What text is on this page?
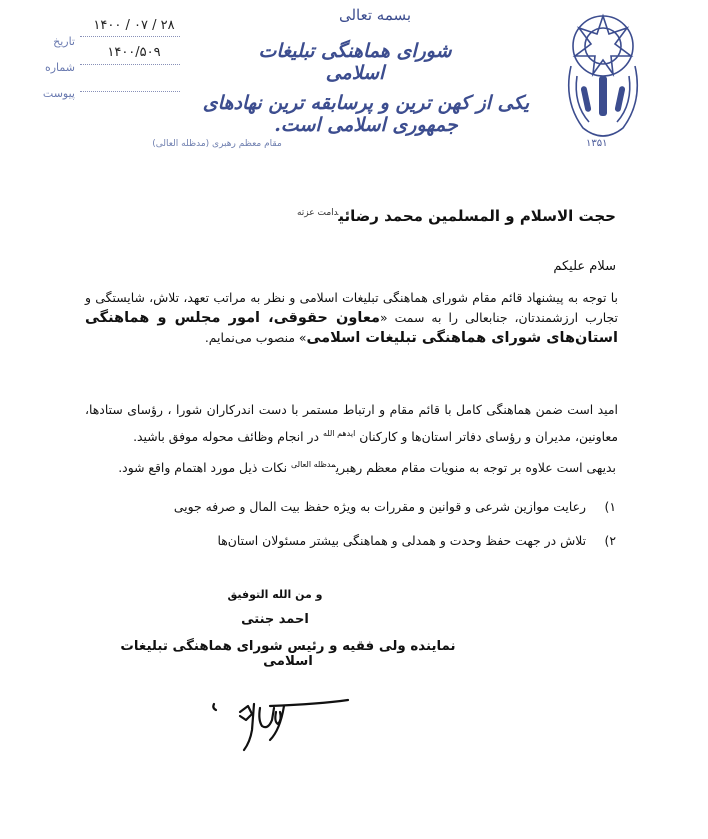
۱۳۵۱
بسمه تعالی
شورای هماهنگی تبلیغات اسلامی
یکی از کهن ترین و پرسابقه ترین نهادهای جمهوری اسلامی است.
مقام معظم رهبری (مدظله العالی)
تاریخ
۱۴۰۰ / ۰۷ / ۲۸
شماره
۱۴۰۰/۵۰۹
پیوست
حجت الاسلام و المسلمین محمد رضائی$^{دامت عزته}$
سلام علیکم
با توجه به پیشنهاد قائم مقام شورای هماهنگی تبلیغات اسلامی و نظر به مراتب تعهد، تلاش، شایستگی و تجارب ارزشمندتان، جنابعالی را به سمت «معاون حقوقی، امور مجلس و هماهنگی استان‌های شورای هماهنگی تبلیغات اسلامی» منصوب می‌نمایم.
امید است ضمن هماهنگی کامل با قائم مقام و ارتباط مستمر با دست اندرکاران شورا ، رؤسای ستادها، معاونین، مدیران و رؤسای دفاتر استان‌ها و کارکنان $^{ایدهم الله}$ در انجام وظائف محوله موفق باشید.
بدیهی است علاوه بر توجه به منویات مقام معظم رهبری$^{مدظله العالی}$ نکات ذیل مورد اهتمام واقع شود.
۱) رعایت موازین شرعی و قوانین و مقررات به ویژه حفظ بیت المال و صرفه جویی
۲) تلاش در جهت حفظ وحدت و همدلی و هماهنگی بیشتر مسئولان استان‌ها
و من الله التوفیق
احمد جنتی
نماینده ولی فقیه و رئیس شورای هماهنگی تبلیغات اسلامی
